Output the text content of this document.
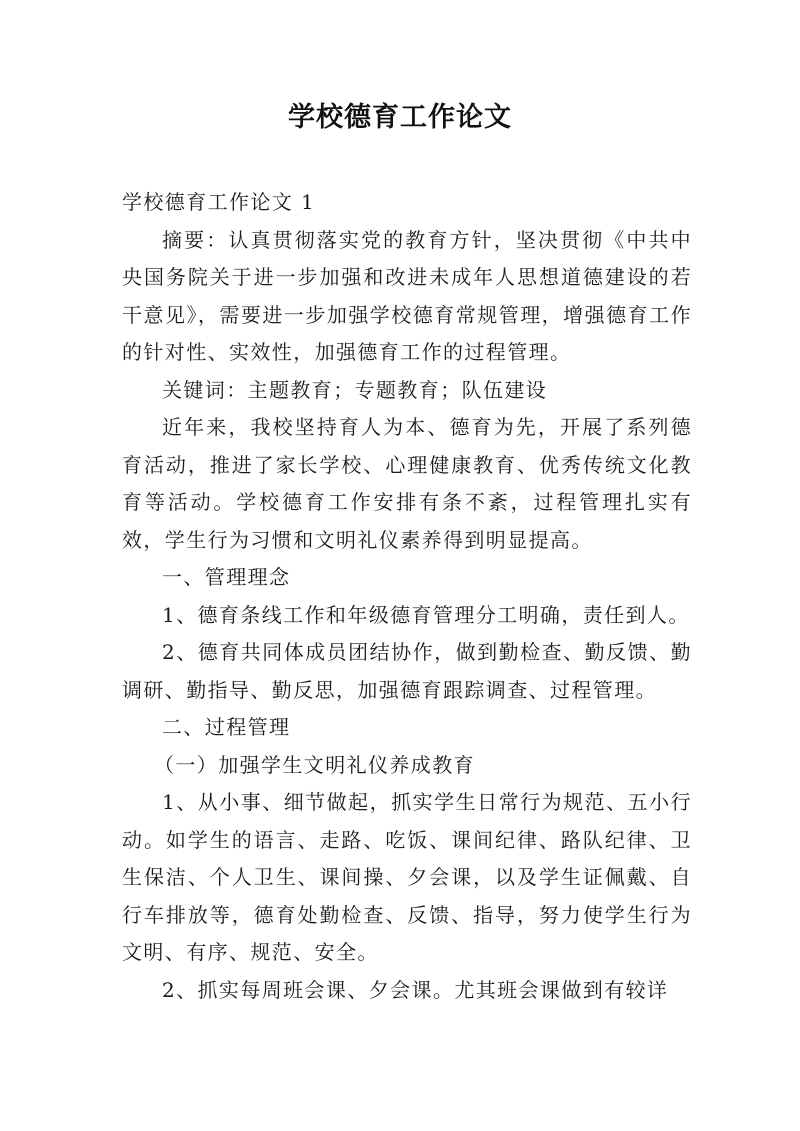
学校德育工作论文

学校德育工作论文 1

摘要：认真贯彻落实党的教育方针，坚决贯彻《中共中央国务院关于进一步加强和改进未成年人思想道德建设的若干意见》，需要进一步加强学校德育常规管理，增强德育工作的针对性、实效性，加强德育工作的过程管理。

关键词：主题教育；专题教育；队伍建设

近年来，我校坚持育人为本、德育为先，开展了系列德育活动，推进了家长学校、心理健康教育、优秀传统文化教育等活动。学校德育工作安排有条不紊，过程管理扎实有效，学生行为习惯和文明礼仪素养得到明显提高。

一、管理理念

1、德育条线工作和年级德育管理分工明确，责任到人。

2、德育共同体成员团结协作，做到勤检查、勤反馈、勤调研、勤指导、勤反思，加强德育跟踪调查、过程管理。

二、过程管理

（一）加强学生文明礼仪养成教育

1、从小事、细节做起，抓实学生日常行为规范、五小行动。如学生的语言、走路、吃饭、课间纪律、路队纪律、卫生保洁、个人卫生、课间操、夕会课，以及学生证佩戴、自行车排放等，德育处勤检查、反馈、指导，努力使学生行为文明、有序、规范、安全。

2、抓实每周班会课、夕会课。尤其班会课做到有较详
